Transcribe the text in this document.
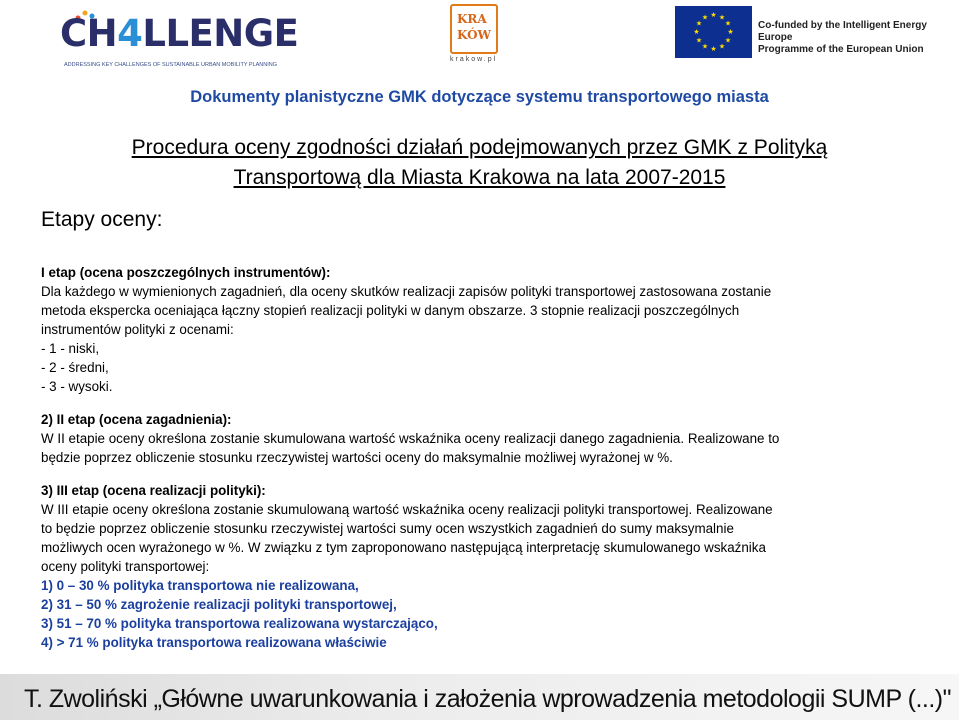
CH4LLENGE
ADDRESSING KEY CHALLENGES OF SUSTAINABLE URBAN MOBILITY PLANNING
KRA
KÓW
krakow.pl
★ ★
★
★
★
★
★
★
★
★
★
★
Co-funded by the Intelligent Energy Europe
Programme of the European Union
Dokumenty planistyczne GMK dotyczące systemu transportowego miasta
Procedura oceny zgodności działań podejmowanych przez GMK z Polityką
Transportową dla Miasta Krakowa na lata 2007-2015
Etapy oceny:

I etap (ocena poszczególnych instrumentów):

Dla każdego w wymienionych zagadnień, dla oceny skutków realizacji zapisów polityki transportowej zastosowana zostanie

metoda ekspercka oceniająca łączny stopień realizacji polityki w danym obszarze. 3 stopnie realizacji poszczególnych

instrumentów polityki z ocenami:

- 1 - niski,

- 2 - średni,

- 3 - wysoki.

2) II etap (ocena zagadnienia):

W II etapie oceny określona zostanie skumulowana wartość wskaźnika oceny realizacji danego zagadnienia. Realizowane to

będzie poprzez obliczenie stosunku rzeczywistej wartości oceny do maksymalnie możliwej wyrażonej w %.

3) III etap (ocena realizacji polityki):

W III etapie oceny określona zostanie skumulowaną wartość wskaźnika oceny realizacji polityki transportowej. Realizowane

to będzie poprzez obliczenie stosunku rzeczywistej wartości sumy ocen wszystkich zagadnień do sumy maksymalnie

możliwych ocen wyrażonego w %. W związku z tym zaproponowano następującą interpretację skumulowanego wskaźnika

oceny polityki transportowej:

1) 0 – 30 % polityka transportowa nie realizowana,

2) 31 – 50 % zagrożenie realizacji polityki transportowej,

3) 51 – 70 % polityka transportowa realizowana wystarczająco,

4) > 71 % polityka transportowa realizowana właściwie

T. Zwoliński „Główne uwarunkowania i założenia wprowadzenia metodologii SUMP (...)"
